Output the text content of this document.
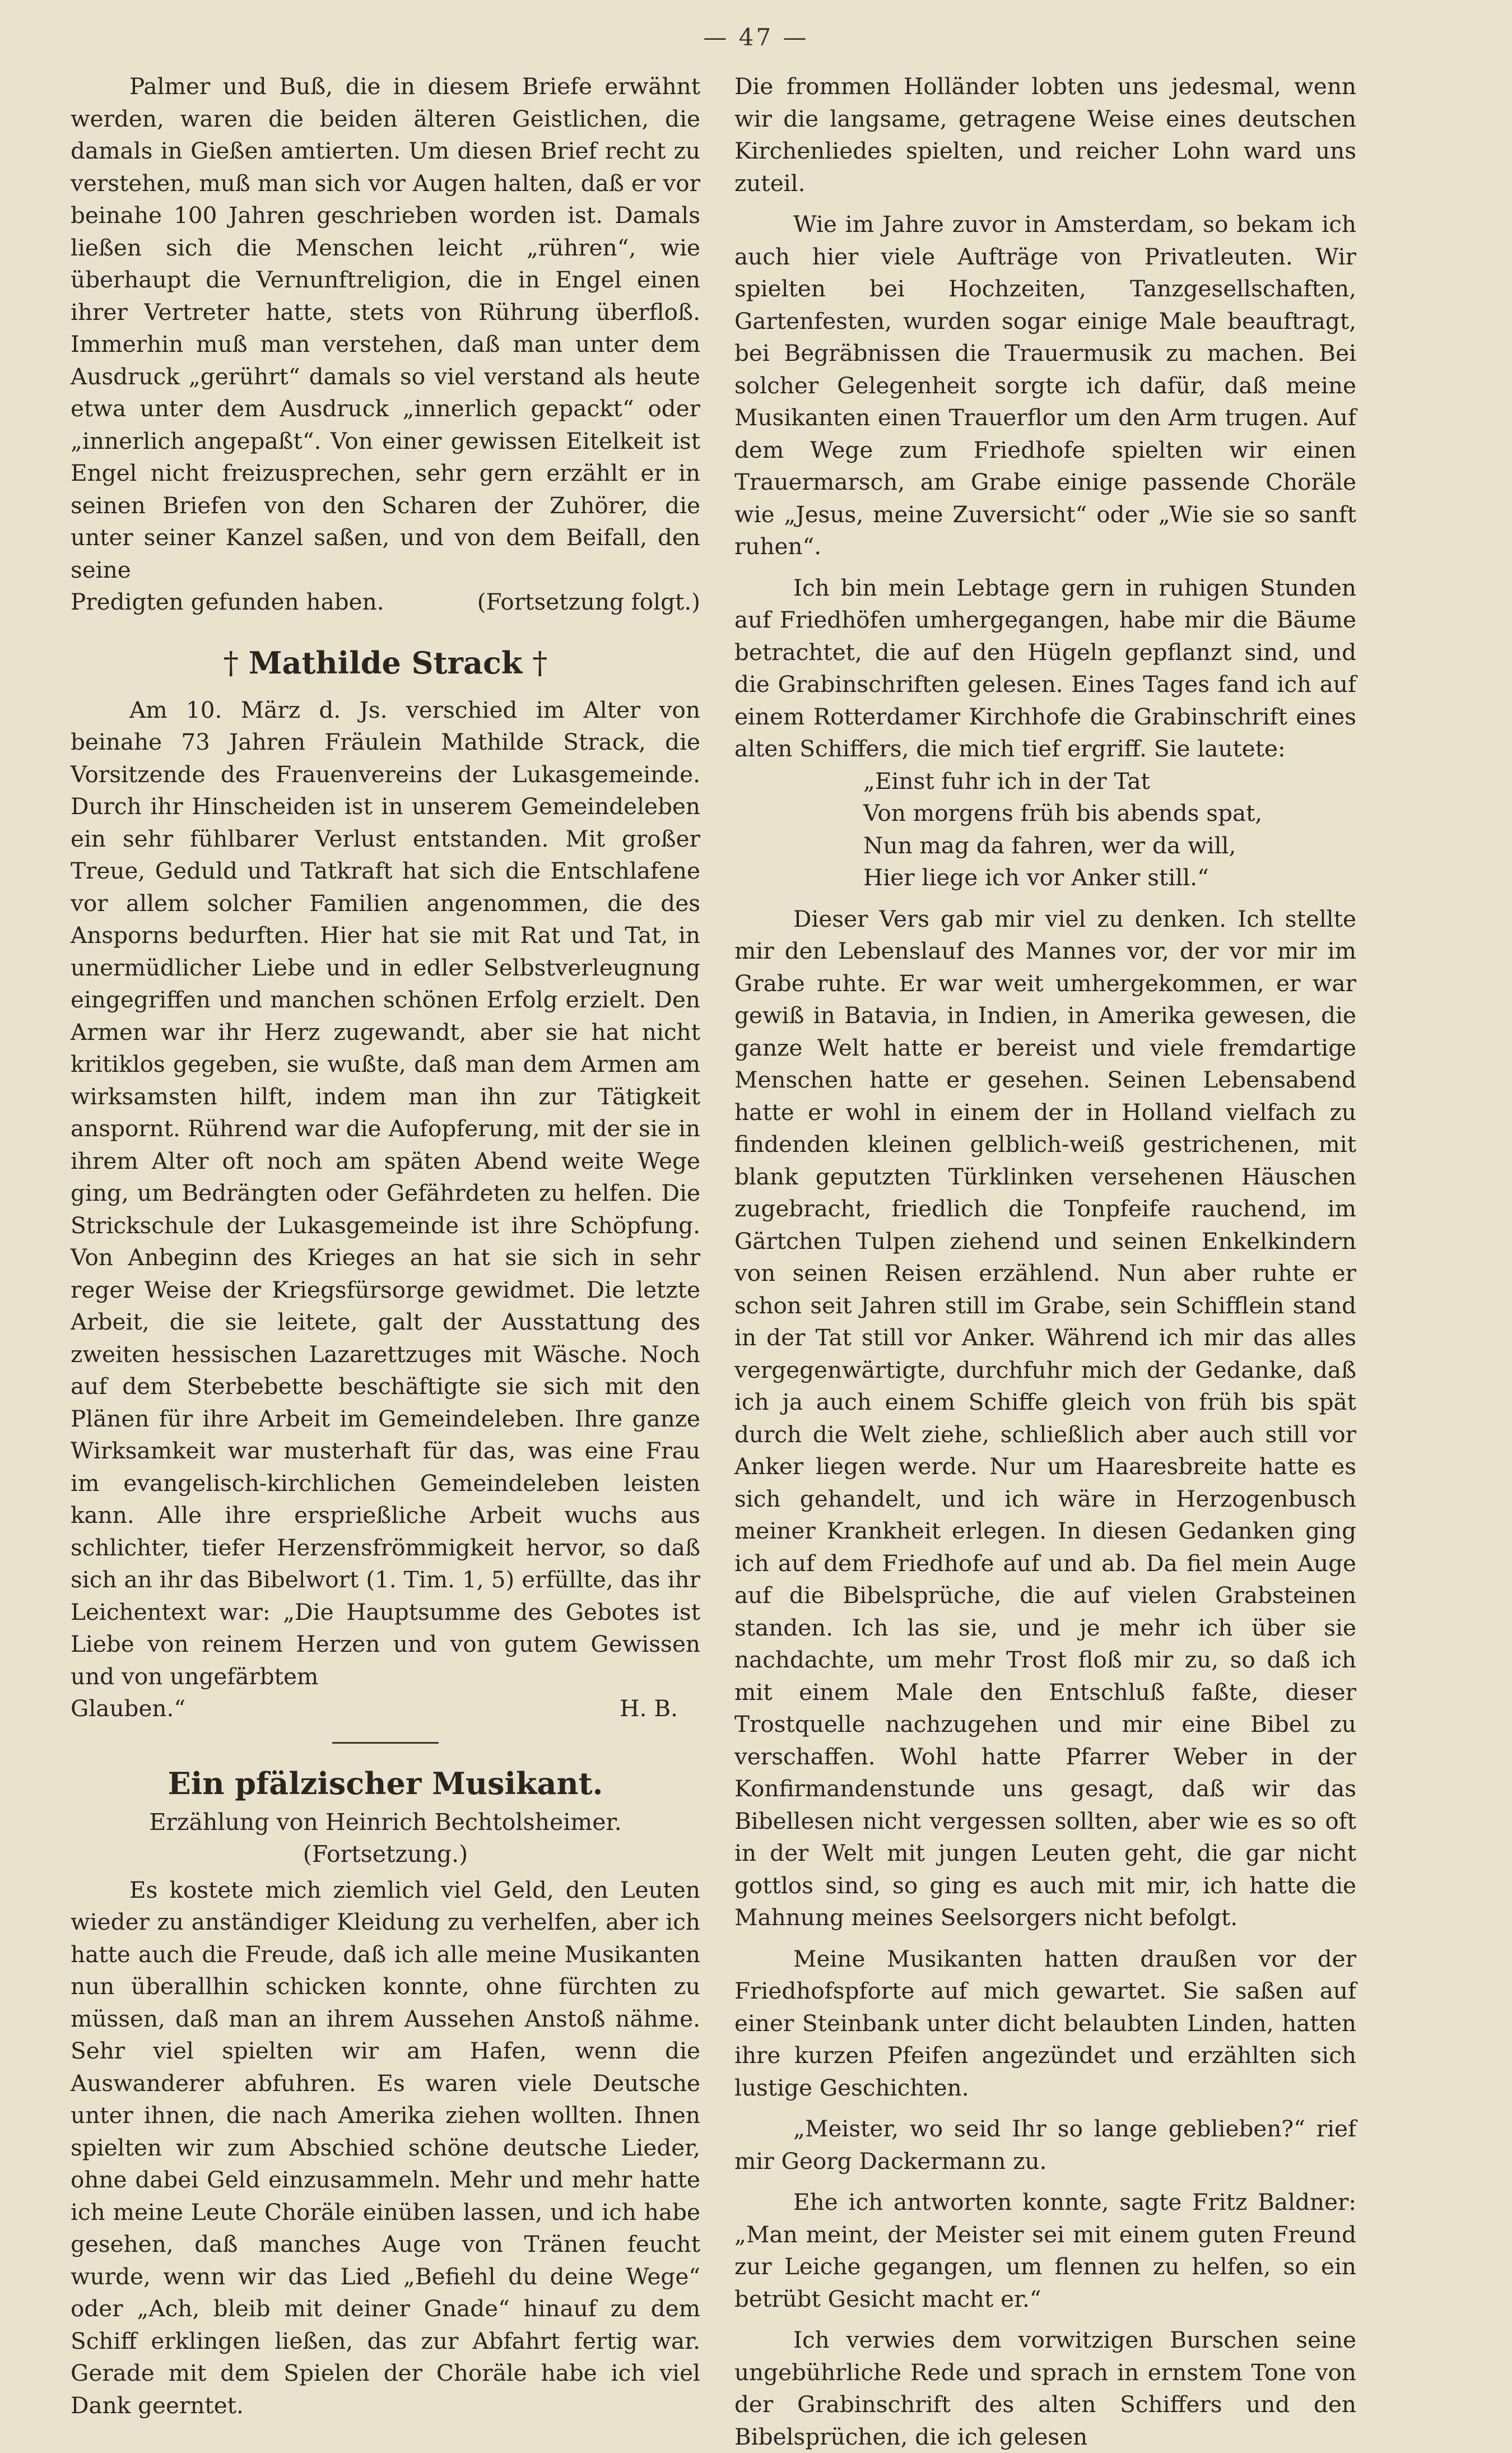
— 47 —

Palmer und Buß, die in diesem Briefe erwähnt werden, waren die beiden älteren Geistlichen, die damals in Gießen amtierten. Um diesen Brief recht zu verstehen, muß man sich vor Augen halten, daß er vor beinahe 100 Jahren geschrieben worden ist. Damals ließen sich die Menschen leicht „rühren“, wie überhaupt die Vernunftreligion, die in Engel einen ihrer Vertreter hatte, stets von Rührung überfloß. Immerhin muß man verstehen, daß man unter dem Ausdruck „gerührt“ damals so viel verstand als heute etwa unter dem Ausdruck „innerlich gepackt“ oder „innerlich angepaßt“. Von einer gewissen Eitelkeit ist Engel nicht freizusprechen, sehr gern erzählt er in seinen Briefen von den Scharen der Zuhörer, die unter seiner Kanzel saßen, und von dem Beifall, den seine

Predigten gefunden haben.	(Fortsetzung folgt.)
† Mathilde Strack †

Am 10. März d. Js. verschied im Alter von beinahe 73 Jahren Fräulein Mathilde Strack, die Vorsitzende des Frauenvereins der Lukasgemeinde. Durch ihr Hinscheiden ist in unserem Gemeindeleben ein sehr fühlbarer Verlust entstanden. Mit großer Treue, Geduld und Tatkraft hat sich die Entschlafene vor allem solcher Familien angenommen, die des Ansporns bedurften. Hier hat sie mit Rat und Tat, in unermüdlicher Liebe und in edler Selbstverleugnung eingegriffen und manchen schönen Erfolg erzielt. Den Armen war ihr Herz zugewandt, aber sie hat nicht kritiklos gegeben, sie wußte, daß man dem Armen am wirksamsten hilft, indem man ihn zur Tätigkeit anspornt. Rührend war die Aufopferung, mit der sie in ihrem Alter oft noch am späten Abend weite Wege ging, um Bedrängten oder Gefährdeten zu helfen. Die Strickschule der Lukasgemeinde ist ihre Schöpfung. Von Anbeginn des Krieges an hat sie sich in sehr reger Weise der Kriegsfürsorge gewidmet. Die letzte Arbeit, die sie leitete, galt der Ausstattung des zweiten hessischen Lazarettzuges mit Wäsche. Noch auf dem Sterbebette beschäftigte sie sich mit den Plänen für ihre Arbeit im Gemeindeleben. Ihre ganze Wirksamkeit war musterhaft für das, was eine Frau im evangelisch-kirchlichen Gemeindeleben leisten kann. Alle ihre ersprießliche Arbeit wuchs aus schlichter, tiefer Herzensfrömmigkeit hervor, so daß sich an ihr das Bibelwort (1. Tim. 1, 5) erfüllte, das ihr Leichentext war: „Die Hauptsumme des Gebotes ist Liebe von reinem Herzen und von gutem Gewissen und von ungefärbtem

Glauben.“	H. B.
Ein pfälzischer Musikant.
Erzählung von Heinrich Bechtolsheimer.
(Fortsetzung.)

Es kostete mich ziemlich viel Geld, den Leuten wieder zu anständiger Kleidung zu verhelfen, aber ich hatte auch die Freude, daß ich alle meine Musikanten nun überallhin schicken konnte, ohne fürchten zu müssen, daß man an ihrem Aussehen Anstoß nähme. Sehr viel spielten wir am Hafen, wenn die Auswanderer abfuhren. Es waren viele Deutsche unter ihnen, die nach Amerika ziehen wollten. Ihnen spielten wir zum Abschied schöne deutsche Lieder, ohne dabei Geld einzusammeln. Mehr und mehr hatte ich meine Leute Choräle einüben lassen, und ich habe gesehen, daß manches Auge von Tränen feucht wurde, wenn wir das Lied „Befiehl du deine Wege“ oder „Ach, bleib mit deiner Gnade“ hinauf zu dem Schiff erklingen ließen, das zur Abfahrt fertig war. Gerade mit dem Spielen der Choräle habe ich viel Dank geerntet.

Die frommen Holländer lobten uns jedesmal, wenn wir die langsame, getragene Weise eines deutschen Kirchenliedes spielten, und reicher Lohn ward uns zuteil.

Wie im Jahre zuvor in Amsterdam, so bekam ich auch hier viele Aufträge von Privatleuten. Wir spielten bei Hochzeiten, Tanzgesellschaften, Gartenfesten, wurden sogar einige Male beauftragt, bei Begräbnissen die Trauermusik zu machen. Bei solcher Gelegenheit sorgte ich dafür, daß meine Musikanten einen Trauerflor um den Arm trugen. Auf dem Wege zum Friedhofe spielten wir einen Trauermarsch, am Grabe einige passende Choräle wie „Jesus, meine Zuversicht“ oder „Wie sie so sanft ruhen“.

Ich bin mein Lebtage gern in ruhigen Stunden auf Friedhöfen umhergegangen, habe mir die Bäume betrachtet, die auf den Hügeln gepflanzt sind, und die Grabinschriften gelesen. Eines Tages fand ich auf einem Rotterdamer Kirchhofe die Grabinschrift eines alten Schiffers, die mich tief ergriff. Sie lautete:

„Einst fuhr ich in der Tat

Von morgens früh bis abends spat,

Nun mag da fahren, wer da will,

Hier liege ich vor Anker still.“

Dieser Vers gab mir viel zu denken. Ich stellte mir den Lebenslauf des Mannes vor, der vor mir im Grabe ruhte. Er war weit umhergekommen, er war gewiß in Batavia, in Indien, in Amerika gewesen, die ganze Welt hatte er bereist und viele fremdartige Menschen hatte er gesehen. Seinen Lebensabend hatte er wohl in einem der in Holland vielfach zu findenden kleinen gelblich-weiß gestrichenen, mit blank geputzten Türklinken versehenen Häuschen zugebracht, friedlich die Tonpfeife rauchend, im Gärtchen Tulpen ziehend und seinen Enkelkindern von seinen Reisen erzählend. Nun aber ruhte er schon seit Jahren still im Grabe, sein Schifflein stand in der Tat still vor Anker. Während ich mir das alles vergegenwärtigte, durchfuhr mich der Gedanke, daß ich ja auch einem Schiffe gleich von früh bis spät durch die Welt ziehe, schließlich aber auch still vor Anker liegen werde. Nur um Haaresbreite hatte es sich gehandelt, und ich wäre in Herzogenbusch meiner Krankheit erlegen. In diesen Gedanken ging ich auf dem Friedhofe auf und ab. Da fiel mein Auge auf die Bibelsprüche, die auf vielen Grabsteinen standen. Ich las sie, und je mehr ich über sie nachdachte, um mehr Trost floß mir zu, so daß ich mit einem Male den Entschluß faßte, dieser Trostquelle nachzugehen und mir eine Bibel zu verschaffen. Wohl hatte Pfarrer Weber in der Konfirmandenstunde uns gesagt, daß wir das Bibellesen nicht vergessen sollten, aber wie es so oft in der Welt mit jungen Leuten geht, die gar nicht gottlos sind, so ging es auch mit mir, ich hatte die Mahnung meines Seelsorgers nicht befolgt.

Meine Musikanten hatten draußen vor der Friedhofspforte auf mich gewartet. Sie saßen auf einer Steinbank unter dicht belaubten Linden, hatten ihre kurzen Pfeifen angezündet und erzählten sich lustige Geschichten.

„Meister, wo seid Ihr so lange geblieben?“ rief mir Georg Dackermann zu.

Ehe ich antworten konnte, sagte Fritz Baldner: „Man meint, der Meister sei mit einem guten Freund zur Leiche gegangen, um flennen zu helfen, so ein betrübt Gesicht macht er.“

Ich verwies dem vorwitzigen Burschen seine ungebührliche Rede und sprach in ernstem Tone von der Grabinschrift des alten Schiffers und den Bibelsprüchen, die ich gelesen
